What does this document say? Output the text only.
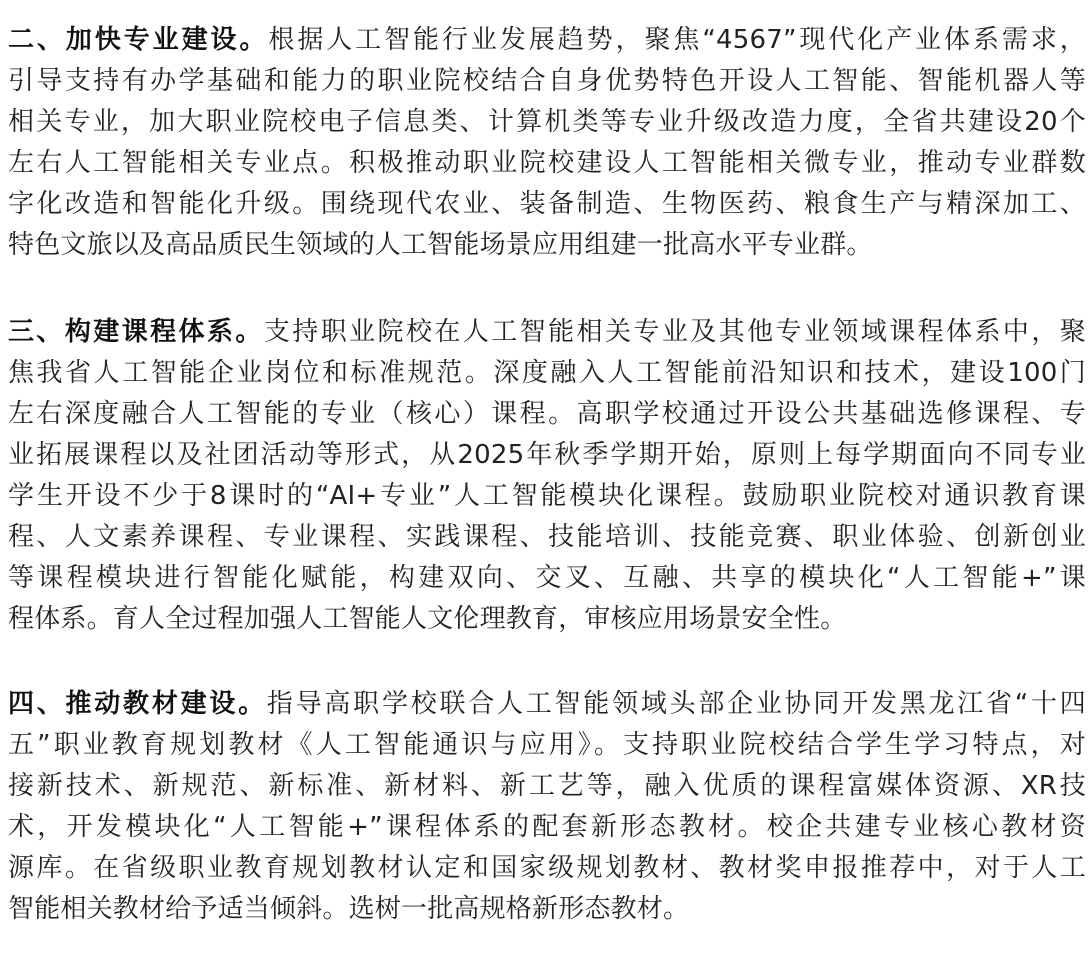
二、加快专业建设。根据人工智能行业发展趋势，聚焦“4567”现代化产业体系需求，
引导支持有办学基础和能力的职业院校结合自身优势特色开设人工智能、智能机器人等
相关专业，加大职业院校电子信息类、计算机类等专业升级改造力度，全省共建设20个
左右人工智能相关专业点。积极推动职业院校建设人工智能相关微专业，推动专业群数
字化改造和智能化升级。围绕现代农业、装备制造、生物医药、粮食生产与精深加工、
特色文旅以及高品质民生领域的人工智能场景应用组建一批高水平专业群。

三、构建课程体系。支持职业院校在人工智能相关专业及其他专业领域课程体系中，聚
焦我省人工智能企业岗位和标准规范。深度融入人工智能前沿知识和技术，建设100门
左右深度融合人工智能的专业（核心）课程。高职学校通过开设公共基础选修课程、专
业拓展课程以及社团活动等形式，从2025年秋季学期开始，原则上每学期面向不同专业
学生开设不少于8课时的“AI+专业”人工智能模块化课程。鼓励职业院校对通识教育课
程、人文素养课程、专业课程、实践课程、技能培训、技能竞赛、职业体验、创新创业
等课程模块进行智能化赋能，构建双向、交叉、互融、共享的模块化“人工智能+”课
程体系。育人全过程加强人工智能人文伦理教育，审核应用场景安全性。

四、推动教材建设。指导高职学校联合人工智能领域头部企业协同开发黑龙江省“十四
五”职业教育规划教材《人工智能通识与应用》。支持职业院校结合学生学习特点，对
接新技术、新规范、新标准、新材料、新工艺等，融入优质的课程富媒体资源、XR技
术，开发模块化“人工智能+”课程体系的配套新形态教材。校企共建专业核心教材资
源库。在省级职业教育规划教材认定和国家级规划教材、教材奖申报推荐中，对于人工
智能相关教材给予适当倾斜。选树一批高规格新形态教材。
